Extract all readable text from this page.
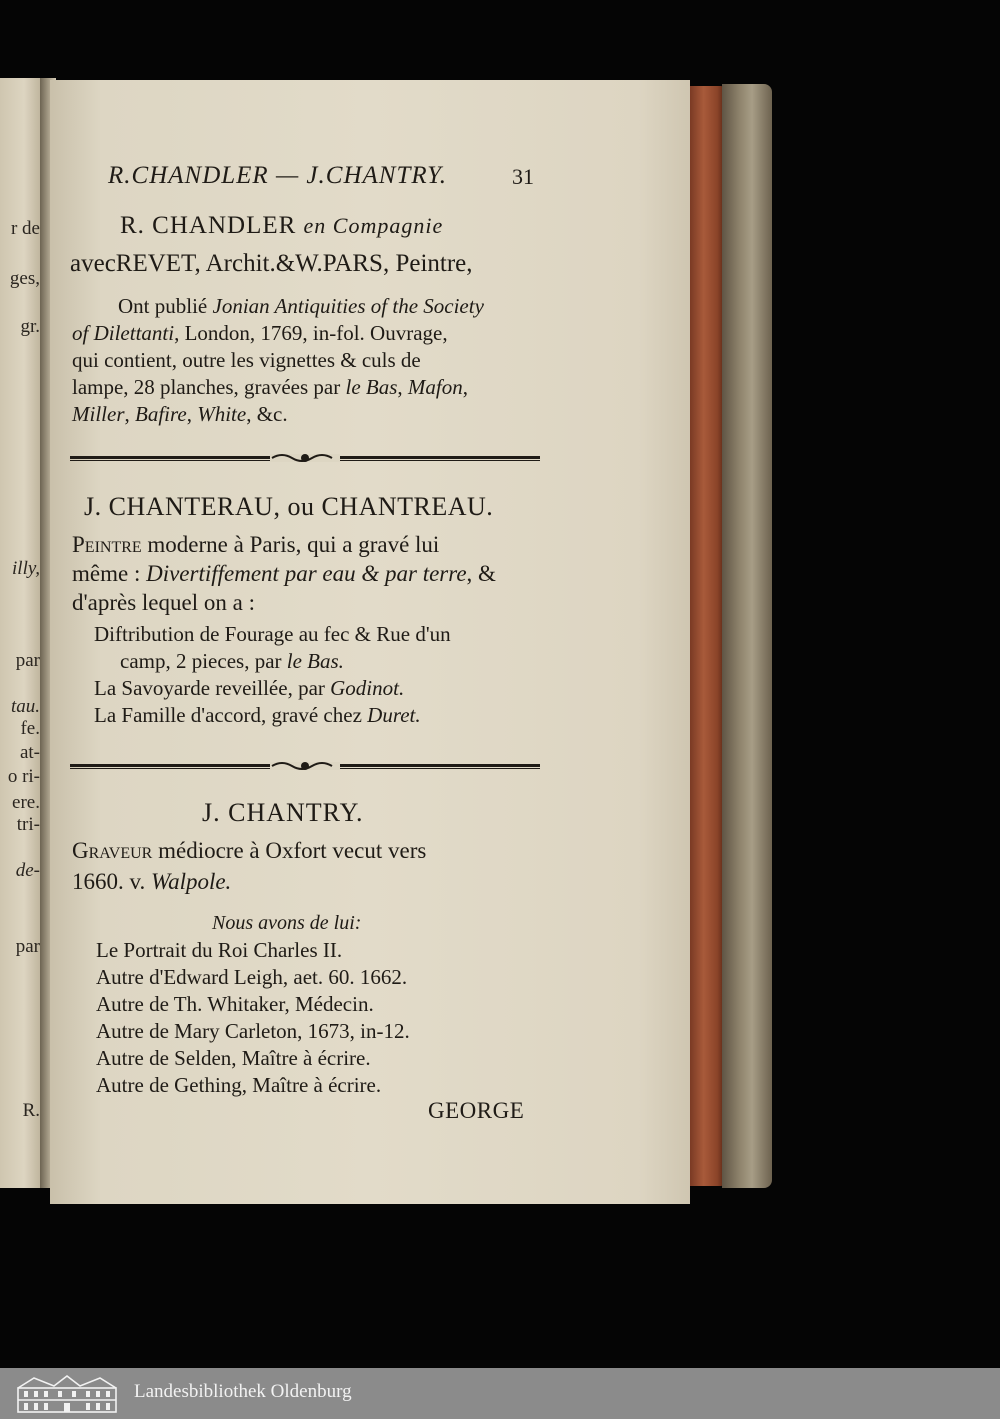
r de
ges,
gr.
illy,
par
tau.
fe.
at-
o ri-
ere.
tri-
de-
par
R.
R.CHANDLER — J.CHANTRY.	31
R. CHANDLER en Compagnie
avecREVET, Archit.&W.PARS, Peintre,
Ont publié Jonian Antiquities of the Society
of Dilettanti, London, 1769, in-fol. Ouvrage,
qui contient, outre les vignettes & culs de
lampe, 28 planches, gravées par le Bas, Mafon,
Miller, Bafire, White, &c.
J. CHANTERAU, ou CHANTREAU.
Peintre moderne à Paris, qui a gravé lui
même : Divertiffement par eau & par terre, &
d'après lequel on a :
Diftribution de Fourage au fec & Rue d'un
camp, 2 pieces, par le Bas.
La Savoyarde reveillée, par Godinot.
La Famille d'accord, gravé chez Duret.
J. CHANTRY.
Graveur médiocre à Oxfort vecut vers
1660. v. Walpole.
Nous avons de lui:
Le Portrait du Roi Charles II.
Autre d'Edward Leigh, aet. 60. 1662.
Autre de Th. Whitaker, Médecin.
Autre de Mary Carleton, 1673, in-12.
Autre de Selden, Maître à écrire.
Autre de Gething, Maître à écrire.
GEORGE
Landesbibliothek Oldenburg
